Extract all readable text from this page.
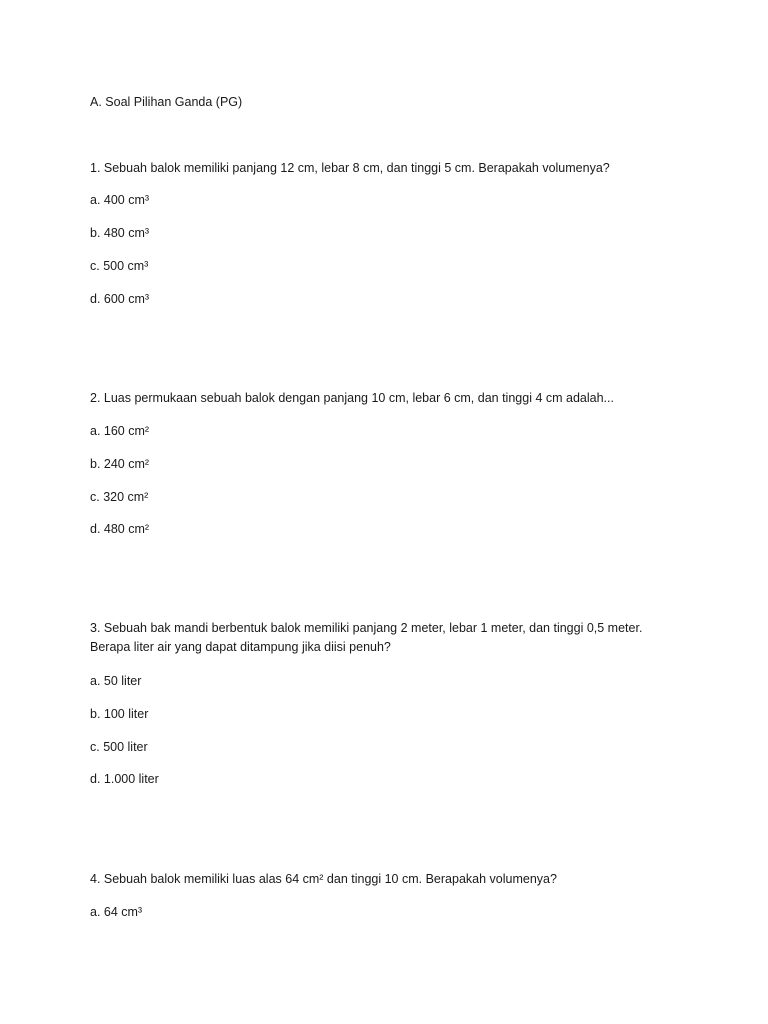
A. Soal Pilihan Ganda (PG)
1. Sebuah balok memiliki panjang 12 cm, lebar 8 cm, dan tinggi 5 cm. Berapakah volumenya?
a. 400 cm³
b. 480 cm³
c. 500 cm³
d. 600 cm³
2. Luas permukaan sebuah balok dengan panjang 10 cm, lebar 6 cm, dan tinggi 4 cm adalah...
a. 160 cm²
b. 240 cm²
c. 320 cm²
d. 480 cm²
3. Sebuah bak mandi berbentuk balok memiliki panjang 2 meter, lebar 1 meter, dan tinggi 0,5 meter. Berapa liter air yang dapat ditampung jika diisi penuh?
a. 50 liter
b. 100 liter
c. 500 liter
d. 1.000 liter
4. Sebuah balok memiliki luas alas 64 cm² dan tinggi 10 cm. Berapakah volumenya?
a. 64 cm³
